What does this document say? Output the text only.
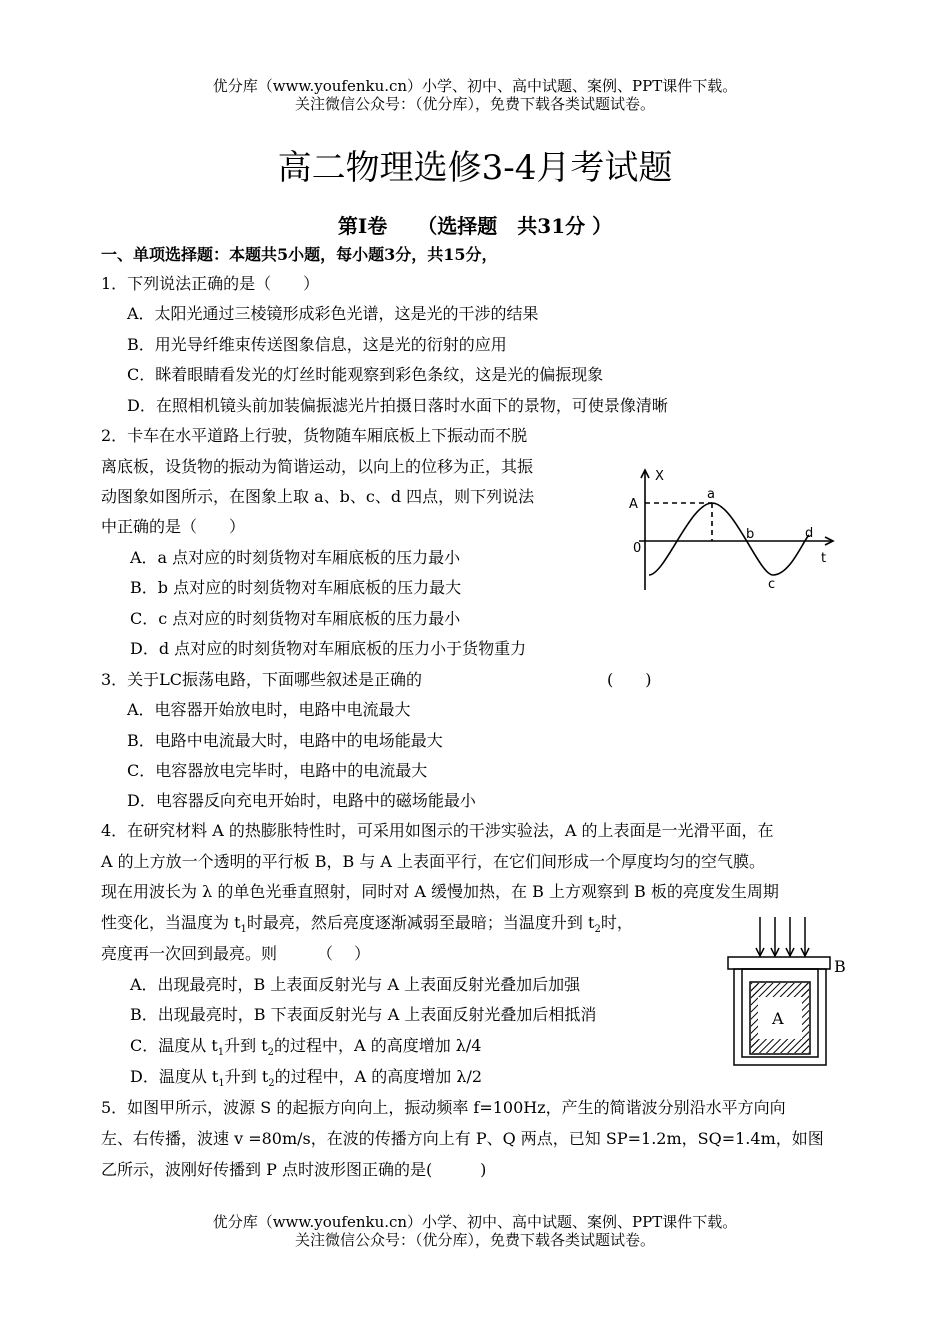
优分库（www.youfenku.cn）小学、初中、高中试题、案例、PPT课件下载。
关注微信公众号：（优分库），免费下载各类试题试卷。
高二物理选修3-4月考试题
第Ⅰ卷　　（选择题　共31分 ）
一、单项选择题：本题共5小题，每小题3分，共15分，
1．下列说法正确的是（　　）
A．太阳光通过三棱镜形成彩色光谱，这是光的干涉的结果
B．用光导纤维束传送图象信息，这是光的衍射的应用
C．眯着眼睛看发光的灯丝时能观察到彩色条纹，这是光的偏振现象
D．在照相机镜头前加装偏振滤光片拍摄日落时水面下的景物，可使景像清晰
2．卡车在水平道路上行驶，货物随车厢底板上下振动而不脱
离底板，设货物的振动为简谐运动，以向上的位移为正，其振
动图象如图所示，在图象上取 a、b、c、d 四点，则下列说法
中正确的是（　　）
A．a 点对应的时刻货物对车厢底板的压力最小
B．b 点对应的时刻货物对车厢底板的压力最大
C．c 点对应的时刻货物对车厢底板的压力最小
D．d 点对应的时刻货物对车厢底板的压力小于货物重力
X
t
A
0
a
b
c
d
3．关于LC振荡电路，下面哪些叙述是正确的	(　　)
A．电容器开始放电时，电路中电流最大
B．电路中电流最大时，电路中的电场能最大
C．电容器放电完毕时，电路中的电流最大
D．电容器反向充电开始时，电路中的磁场能最小
4．在研究材料 A 的热膨胀特性时，可采用如图示的干涉实验法，A 的上表面是一光滑平面，在
A 的上方放一个透明的平行板 B，B 与 A 上表面平行，在它们间形成一个厚度均匀的空气膜。
现在用波长为 λ 的单色光垂直照射，同时对 A 缓慢加热，在 B 上方观察到 B 板的亮度发生周期
性变化，当温度为 $t_1$时最亮，然后亮度逐渐减弱至最暗；当温度升到 $t_2$时，
亮度再一次回到最亮。则　　　（　 ）
A．出现最亮时，B 上表面反射光与 A 上表面反射光叠加后加强
B．出现最亮时，B 下表面反射光与 A 上表面反射光叠加后相抵消
C．温度从 $t_1$升到 $t_2$的过程中，A 的高度增加 λ/4
D．温度从 $t_1$升到 $t_2$的过程中，A 的高度增加 λ/2
B
A
5．如图甲所示，波源 S 的起振方向向上，振动频率 f=100Hz，产生的简谐波分别沿水平方向向
左、右传播，波速 v =80m/s，在波的传播方向上有 P、Q 两点，已知 SP=1.2m，SQ=1.4m，如图
乙所示，波刚好传播到 P 点时波形图正确的是(　　　)
优分库（www.youfenku.cn）小学、初中、高中试题、案例、PPT课件下载。
关注微信公众号：（优分库），免费下载各类试题试卷。
